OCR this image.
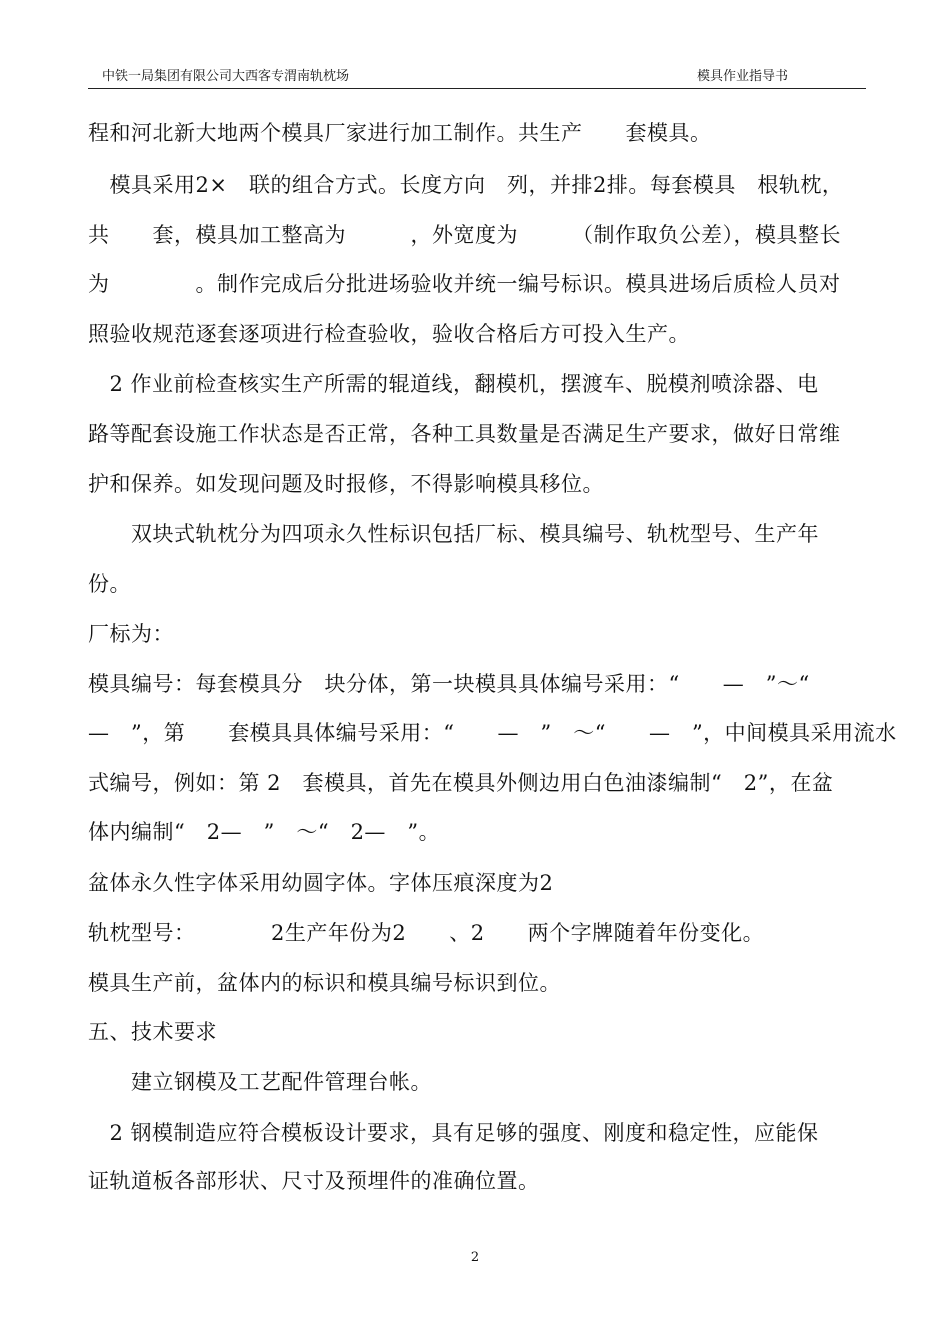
中铁一局集团有限公司大西客专渭南轨枕场	模具作业指导书
程和河北新大地两个模具厂家进行加工制作。共生产　　套模具。
　模具采用2×　联的组合方式。长度方向　列，并排2排。每套模具　根轨枕，
共　　套，模具加工整高为　　　，外宽度为　　　（制作取负公差），模具整长
为　　　　。制作完成后分批进场验收并统一编号标识。模具进场后质检人员对
照验收规范逐套逐项进行检查验收，验收合格后方可投入生产。
　2 作业前检查核实生产所需的辊道线，翻模机，摆渡车、脱模剂喷涂器、电
路等配套设施工作状态是否正常，各种工具数量是否满足生产要求，做好日常维
护和保养。如发现问题及时报修，不得影响模具移位。
　　双块式轨枕分为四项永久性标识包括厂标、模具编号、轨枕型号、生产年
份。
厂标为：
模具编号：每套模具分　块分体，第一块模具具体编号采用：“　　—　”～“
—　”，第　　套模具具体编号采用：“　　—　”　～“　　—　”，中间模具采用流水
式编号，例如：第 2　套模具，首先在模具外侧边用白色油漆编制“　2”，在盆
体内编制“　2—　”　～“　2—　”。
盆体永久性字体采用幼圆字体。字体压痕深度为2
轨枕型号：　　　　2生产年份为2　　、2　　两个字牌随着年份变化。
模具生产前，盆体内的标识和模具编号标识到位。
五、技术要求
　　建立钢模及工艺配件管理台帐。
　2 钢模制造应符合模板设计要求，具有足够的强度、刚度和稳定性，应能保
证轨道板各部形状、尺寸及预埋件的准确位置。
2
